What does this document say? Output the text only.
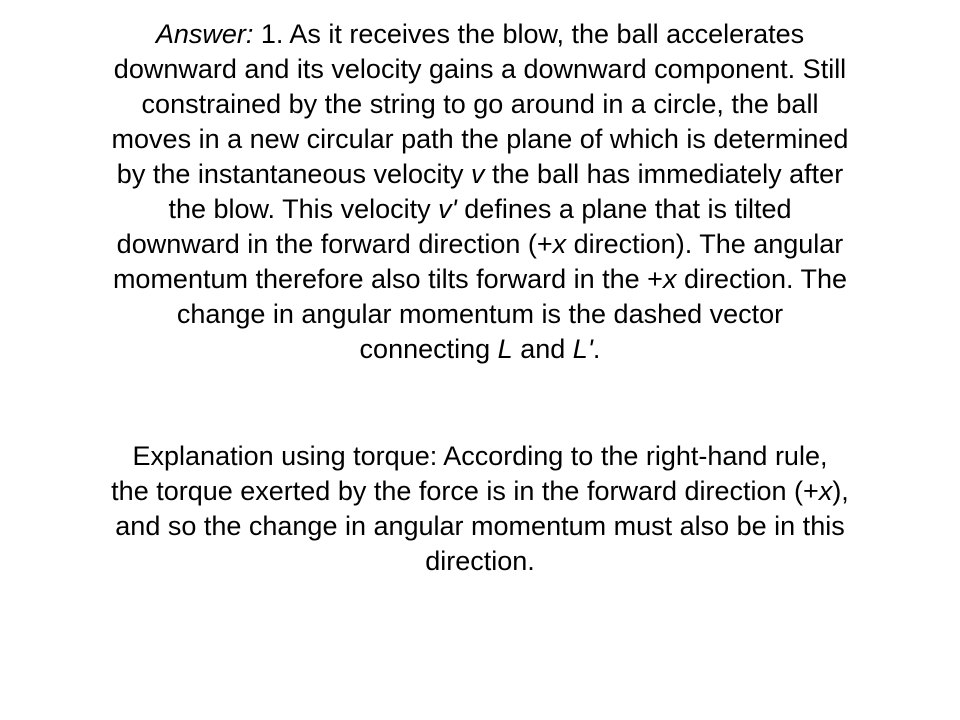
Answer: 1. As it receives the blow, the ball accelerates
downward and its velocity gains a downward component. Still
constrained by the string to go around in a circle, the ball
moves in a new circular path the plane of which is determined
by the instantaneous velocity v the ball has immediately after
the blow. This velocity v' defines a plane that is tilted
downward in the forward direction (+x direction). The angular
momentum therefore also tilts forward in the +x direction. The
change in angular momentum is the dashed vector
connecting L and L'.

Explanation using torque: According to the right-hand rule,
the torque exerted by the force is in the forward direction (+x),
and so the change in angular momentum must also be in this
direction.
